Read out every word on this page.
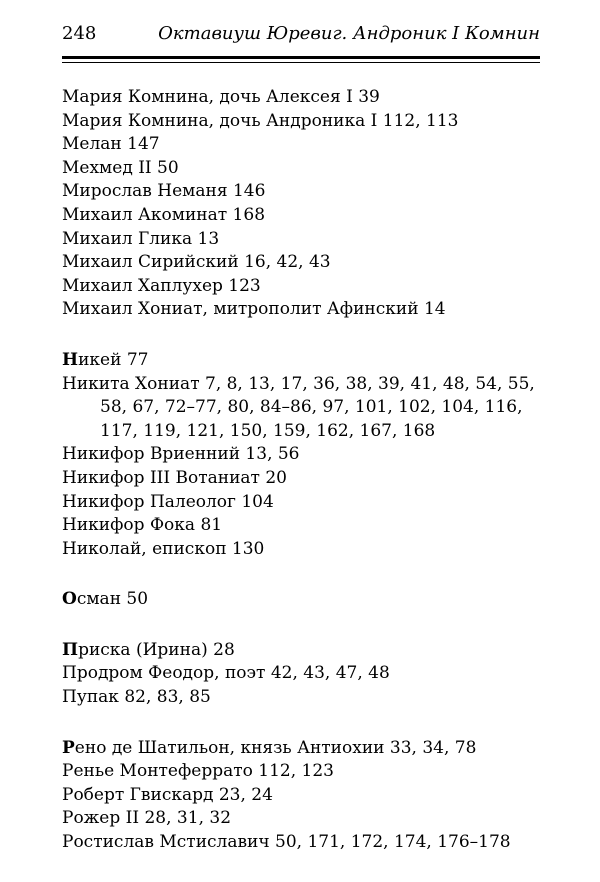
248	Октавиуш Юревиг. Андроник I Комнин

Мария Комнина, дочь Алексея I 39

Мария Комнина, дочь Андроника I 112, 113

Мелан 147

Мехмед II 50

Мирослав Неманя 146

Михаил Акоминат 168

Михаил Глика 13

Михаил Сирийский 16, 42, 43

Михаил Хаплухер 123

Михаил Хониат, митрополит Афинский 14

Никей 77

Никита Хониат 7, 8, 13, 17, 36, 38, 39, 41, 48, 54, 55, 58, 67, 72–77, 80, 84–86, 97, 101, 102, 104, 116, 117, 119, 121, 150, 159, 162, 167, 168

Никифор Вриенний 13, 56

Никифор III Вотаниат 20

Никифор Палеолог 104

Никифор Фока 81

Николай, епископ 130

Осман 50

Приска (Ирина) 28

Продром Феодор, поэт 42, 43, 47, 48

Пупак 82, 83, 85

Рено де Шатильон, князь Антиохии 33, 34, 78

Ренье Монтеферрато 112, 123

Роберт Гвискард 23, 24

Рожер II 28, 31, 32

Ростислав Мстиславич 50, 171, 172, 174, 176–178
